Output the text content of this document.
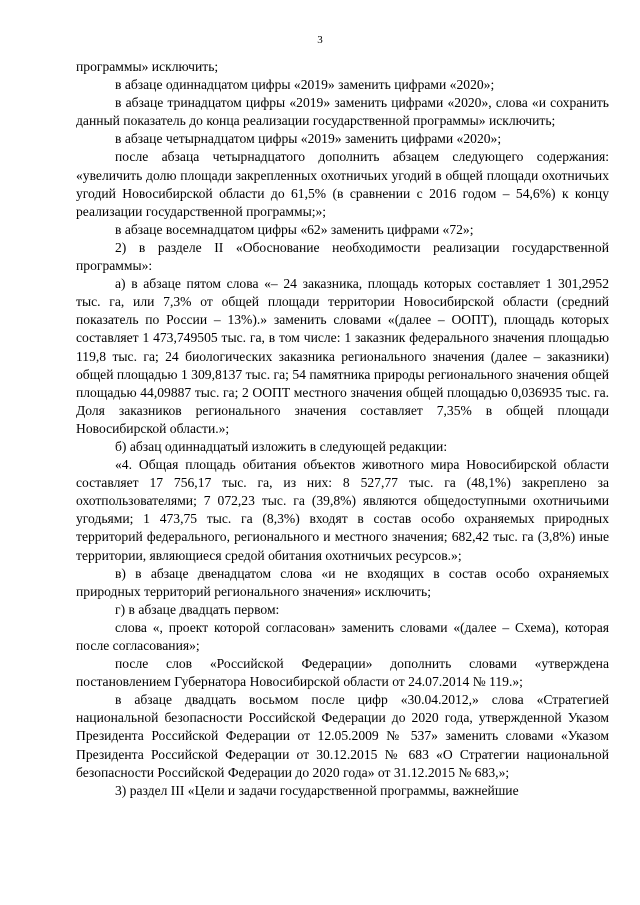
3

программы» исключить;

в абзаце одиннадцатом цифры «2019» заменить цифрами «2020»;

в абзаце тринадцатом цифры «2019» заменить цифрами «2020», слова «и сохранить данный показатель до конца реализации государственной программы» исключить;

в абзаце четырнадцатом цифры «2019» заменить цифрами «2020»;

после абзаца четырнадцатого дополнить абзацем следующего содержания: «увеличить долю площади закрепленных охотничьих угодий в общей площади охотничьих угодий Новосибирской области до 61,5% (в сравнении с 2016 годом – 54,6%) к концу реализации государственной программы;»;

в абзаце восемнадцатом цифры «62» заменить цифрами «72»;

2) в разделе II «Обоснование необходимости реализации государственной программы»:

а) в абзаце пятом слова «– 24 заказника, площадь которых составляет 1 301,2952 тыс. га, или 7,3% от общей площади территории Новосибирской области (средний показатель по России – 13%).» заменить словами «(далее – ООПТ), площадь которых составляет 1 473,749505 тыс. га, в том числе: 1 заказник федерального значения площадью 119,8 тыс. га; 24 биологических заказника регионального значения (далее – заказники) общей площадью 1 309,8137 тыс. га; 54 памятника природы регионального значения общей площадью 44,09887 тыс. га; 2 ООПТ местного значения общей площадью 0,036935 тыс. га. Доля заказников регионального значения составляет 7,35% в общей площади Новосибирской области.»;

б) абзац одиннадцатый изложить в следующей редакции:

«4. Общая площадь обитания объектов животного мира Новосибирской области составляет 17 756,17 тыс. га, из них: 8 527,77 тыс. га (48,1%) закреплено за охотпользователями; 7 072,23 тыс. га (39,8%) являются общедоступными охотничьими угодьями; 1 473,75 тыс. га (8,3%) входят в состав особо охраняемых природных территорий федерального, регионального и местного значения; 682,42 тыс. га (3,8%) иные территории, являющиеся средой обитания охотничьих ресурсов.»;

в) в абзаце двенадцатом слова «и не входящих в состав особо охраняемых природных территорий регионального значения» исключить;

г) в абзаце двадцать первом:

слова «, проект которой согласован» заменить словами «(далее – Схема), которая после согласования»;

после слов «Российской Федерации» дополнить словами «утверждена постановлением Губернатора Новосибирской области от 24.07.2014 № 119.»;

в абзаце двадцать восьмом после цифр «30.04.2012,» слова «Стратегией национальной безопасности Российской Федерации до 2020 года, утвержденной Указом Президента Российской Федерации от 12.05.2009 № 537» заменить словами «Указом Президента Российской Федерации от 30.12.2015 № 683 «О Стратегии национальной безопасности Российской Федерации до 2020 года» от 31.12.2015 № 683,»;

3) раздел III «Цели и задачи государственной программы, важнейшие
